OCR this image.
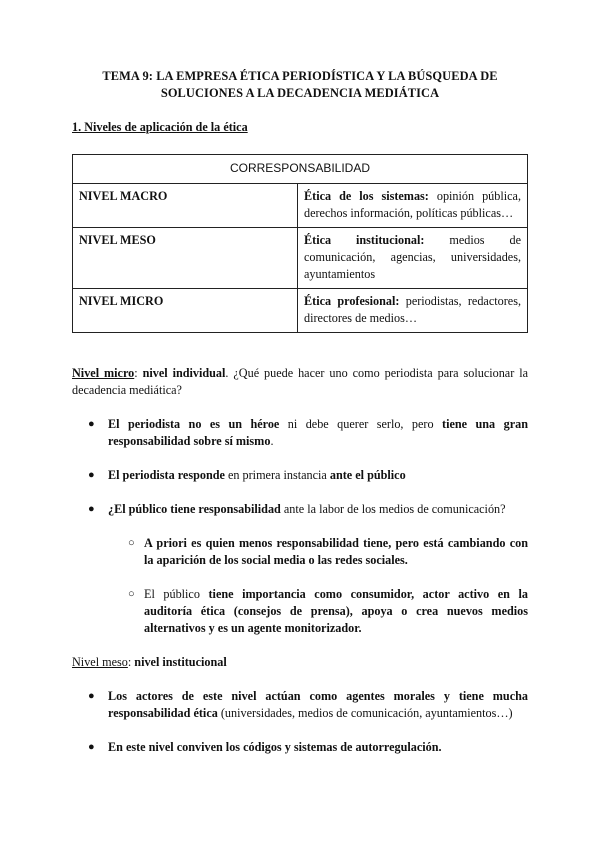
TEMA 9: LA EMPRESA ÉTICA PERIODÍSTICA Y LA BÚSQUEDA DE
SOLUCIONES A LA DECADENCIA MEDIÁTICA
1. Niveles de aplicación de la ética
CORRESPONSABILIDAD	
NIVEL MACRO	Ética de los sistemas: opinión pública, derechos información, políticas públicas…
NIVEL MESO	Ética institucional: medios de comunicación, agencias, universidades, ayuntamientos
NIVEL MICRO	Ética profesional: periodistas, redactores, directores de medios…

Nivel micro: nivel individual. ¿Qué puede hacer uno como periodista para solucionar la decadencia mediática?

● El periodista no es un héroe ni debe querer serlo, pero tiene una gran responsabilidad sobre sí mismo.
● El periodista responde en primera instancia ante el público
● ¿El público tiene responsabilidad ante la labor de los medios de comunicación?
○ A priori es quien menos responsabilidad tiene, pero está cambiando con la aparición de los social media o las redes sociales.
○ El público tiene importancia como consumidor, actor activo en la auditoría ética (consejos de prensa), apoya o crea nuevos medios alternativos y es un agente monitorizador.

Nivel meso: nivel institucional

● Los actores de este nivel actúan como agentes morales y tiene mucha responsabilidad ética (universidades, medios de comunicación, ayuntamientos…)
● En este nivel conviven los códigos y sistemas de autorregulación.
